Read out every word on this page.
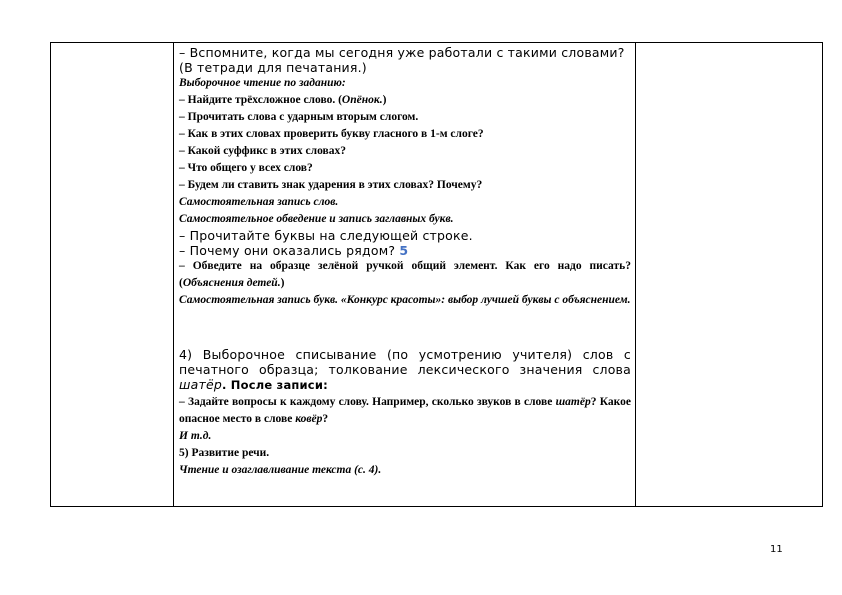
– Вспомните, когда мы сегодня уже работали с такими словами? (В тетради для печатания.)
Выборочное чтение по заданию:
– Найдите трёхсложное слово. (Опёнок.)
– Прочитать слова с ударным вторым слогом.
– Как в этих словах проверить букву гласного в 1-м слоге?
– Какой суффикс в этих словах?
– Что общего у всех слов?
– Будем ли ставить знак ударения в этих словах? Почему?
Самостоятельная запись слов.
Самостоятельное обведение и запись заглавных букв.
– Прочитайте буквы на следующей строке.
– Почему они оказались рядом? 5
– Обведите на образце зелёной ручкой общий элемент. Как его надо писать? (Объяснения детей.)
Самостоятельная запись букв. «Конкурс красоты»: выбор лучшей буквы с объяснением.
4) Выборочное списывание (по усмотрению учителя) слов с печатного образца; толкование лексического значения слова шатёр. После записи:
– Задайте вопросы к каждому слову. Например, сколько звуков в слове шатёр? Какое опасное место в слове ковёр?
И т.д.
5) Развитие речи.
Чтение и озаглавливание текста (с. 4).

11
